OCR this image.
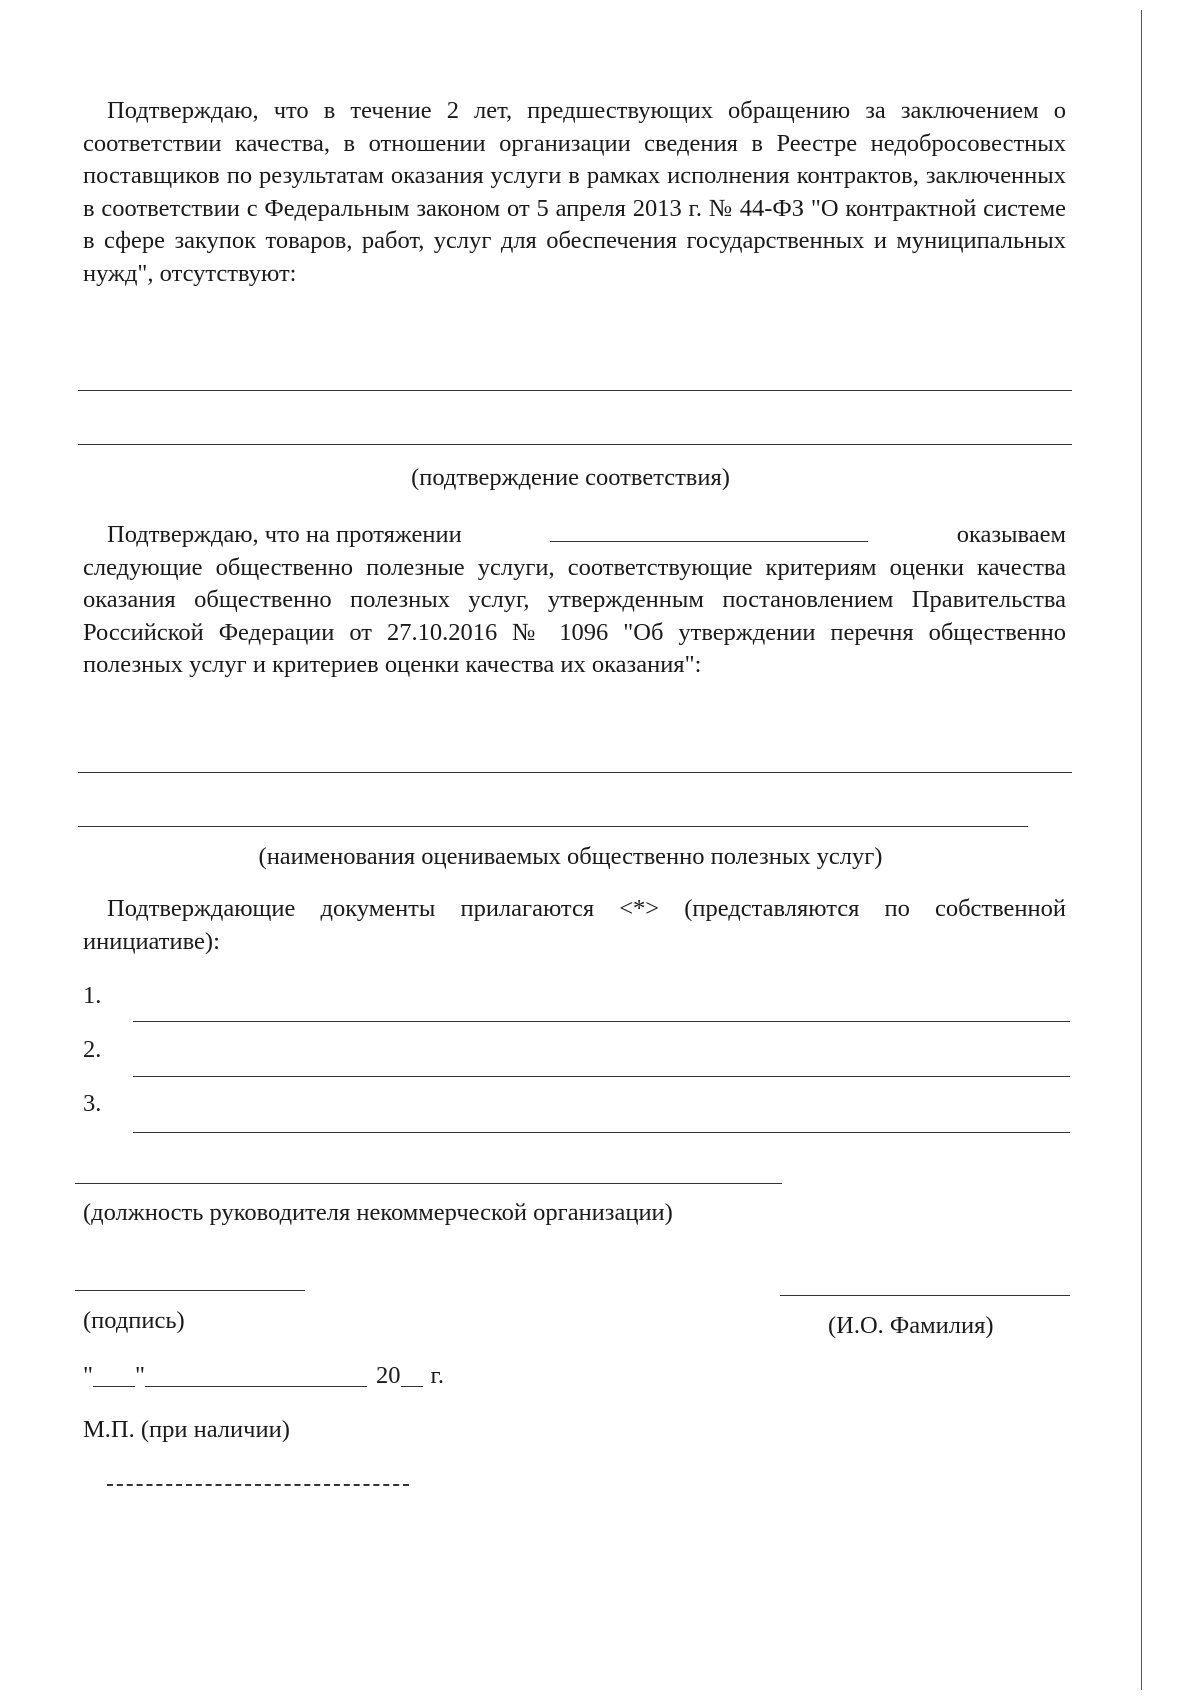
Подтверждаю, что в течение 2 лет, предшествующих обращению за заключением о соответствии качества, в отношении организации сведения в Реестре недобросовестных поставщиков по результатам оказания услуги в рамках исполнения контрактов, заключенных в соответствии с Федеральным законом от 5 апреля 2013 г. № 44-ФЗ "О контрактной системе в сфере закупок товаров, работ, услуг для обеспечения государственных и муниципальных нужд", отсутствуют:
(подтверждение соответствия)
Подтверждаю, что на протяжении	оказываем
следующие общественно полезные услуги, соответствующие критериям оценки качества оказания общественно полезных услуг, утвержденным постановлением Правительства Российской Федерации от 27.10.2016 № 1096 "Об утверждении перечня общественно полезных услуг и критериев оценки качества их оказания":
(наименования оцениваемых общественно полезных услуг)
Подтверждающие документы прилагаются <*> (представляются по собственной инициативе):
1.
2.
3.
(должность руководителя некоммерческой организации)
(подпись)	(И.О. Фамилия)
" "	20 г.
М.П. (при наличии)
